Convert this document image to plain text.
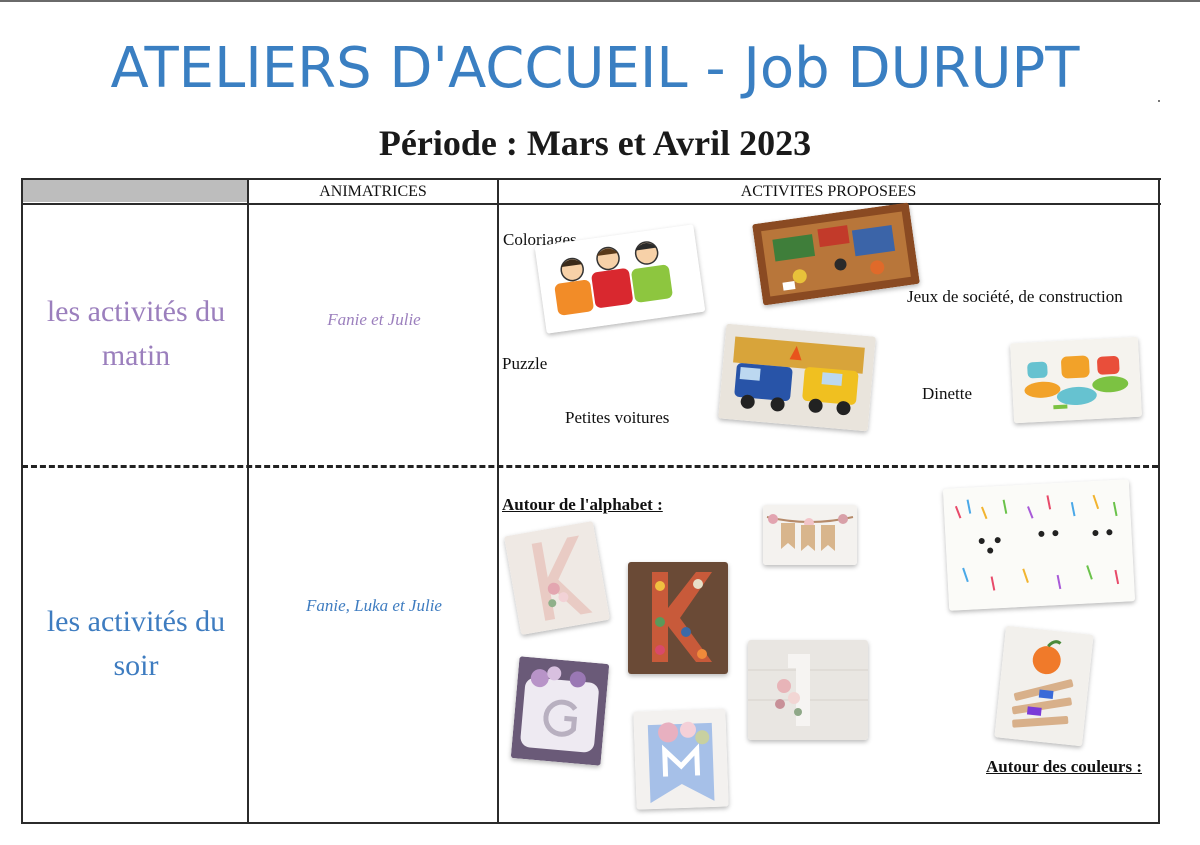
ATELIERS D'ACCUEIL - Job DURUPT
Période : Mars et Avril 2023
ANIMATRICES	ACTIVITES PROPOSEES
les activités du
matin
les activités du
soir
Fanie et Julie
Fanie, Luka et Julie
Coloriages
Jeux de société, de construction
Puzzle
Petites voitures
Dinette
Autour de l'alphabet :
Autour des couleurs :
